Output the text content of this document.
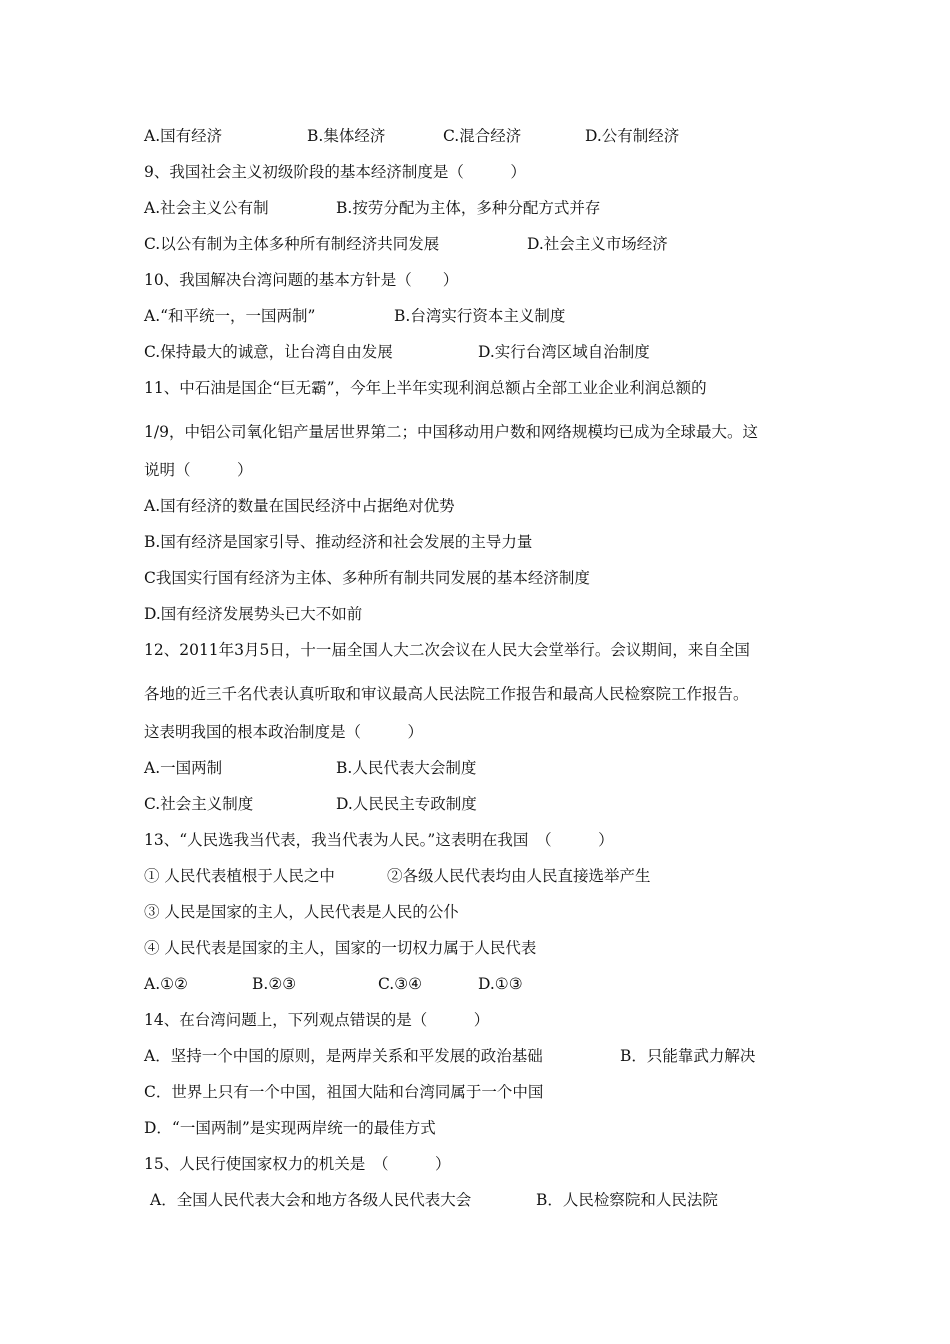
A.国有经济	B.集体经济	C.混合经济	D.公有制经济
9、我国社会主义初级阶段的基本经济制度是（　　　）
A.社会主义公有制	B.按劳分配为主体，多种分配方式并存
C.以公有制为主体多种所有制经济共同发展	D.社会主义市场经济
10、我国解决台湾问题的基本方针是（　　）
A.“和平统一，一国两制”	B.台湾实行资本主义制度
C.保持最大的诚意，让台湾自由发展	D.实行台湾区域自治制度
11、中石油是国企“巨无霸”，今年上半年实现利润总额占全部工业企业利润总额的
1/9，中铝公司氧化铝产量居世界第二；中国移动用户数和网络规模均已成为全球最大。这
说明（　　　）
A.国有经济的数量在国民经济中占据绝对优势
B.国有经济是国家引导、推动经济和社会发展的主导力量
C我国实行国有经济为主体、多种所有制共同发展的基本经济制度
D.国有经济发展势头已大不如前
12、2011年3月5日，十一届全国人大二次会议在人民大会堂举行。会议期间，来自全国
各地的近三千名代表认真听取和审议最高人民法院工作报告和最高人民检察院工作报告。
这表明我国的根本政治制度是（　　　）
A.一国两制	B.人民代表大会制度
C.社会主义制度	D.人民民主专政制度
13、“人民选我当代表，我当代表为人民。”这表明在我国　（　　　）
① 人民代表植根于人民之中	②各级人民代表均由人民直接选举产生
③ 人民是国家的主人，人民代表是人民的公仆
④ 人民代表是国家的主人，国家的一切权力属于人民代表
A.①②	B.②③	C.③④	D.①③
14、在台湾问题上，下列观点错误的是（　　　）
A．坚持一个中国的原则，是两岸关系和平发展的政治基础	B．只能靠武力解决
C．世界上只有一个中国，祖国大陆和台湾同属于一个中国
D．“一国两制”是实现两岸统一的最佳方式
15、人民行使国家权力的机关是　（　　　）
A．全国人民代表大会和地方各级人民代表大会	B．人民检察院和人民法院
